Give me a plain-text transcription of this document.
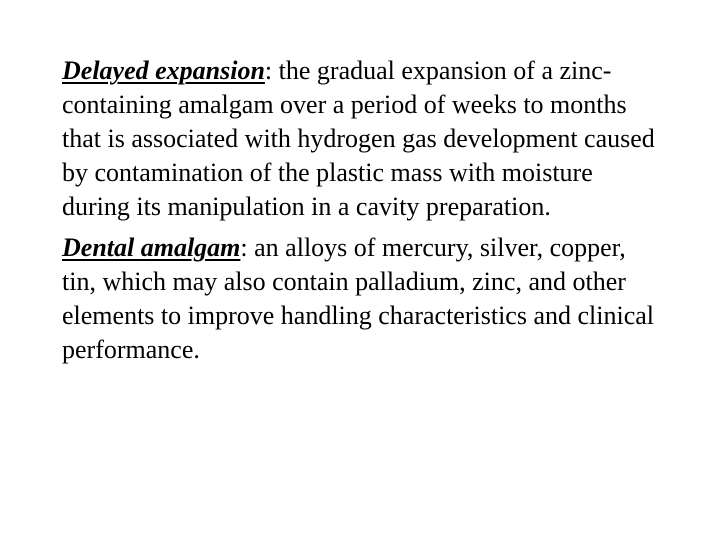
Delayed expansion: the gradual expansion of a zinc-containing amalgam over a period of weeks to months that is associated with hydrogen gas development caused by contamination of the plastic mass with moisture during its manipulation in a cavity preparation.

Dental amalgam: an alloys of mercury, silver, copper, tin, which may also contain palladium, zinc, and other elements to improve handling characteristics and clinical performance.
